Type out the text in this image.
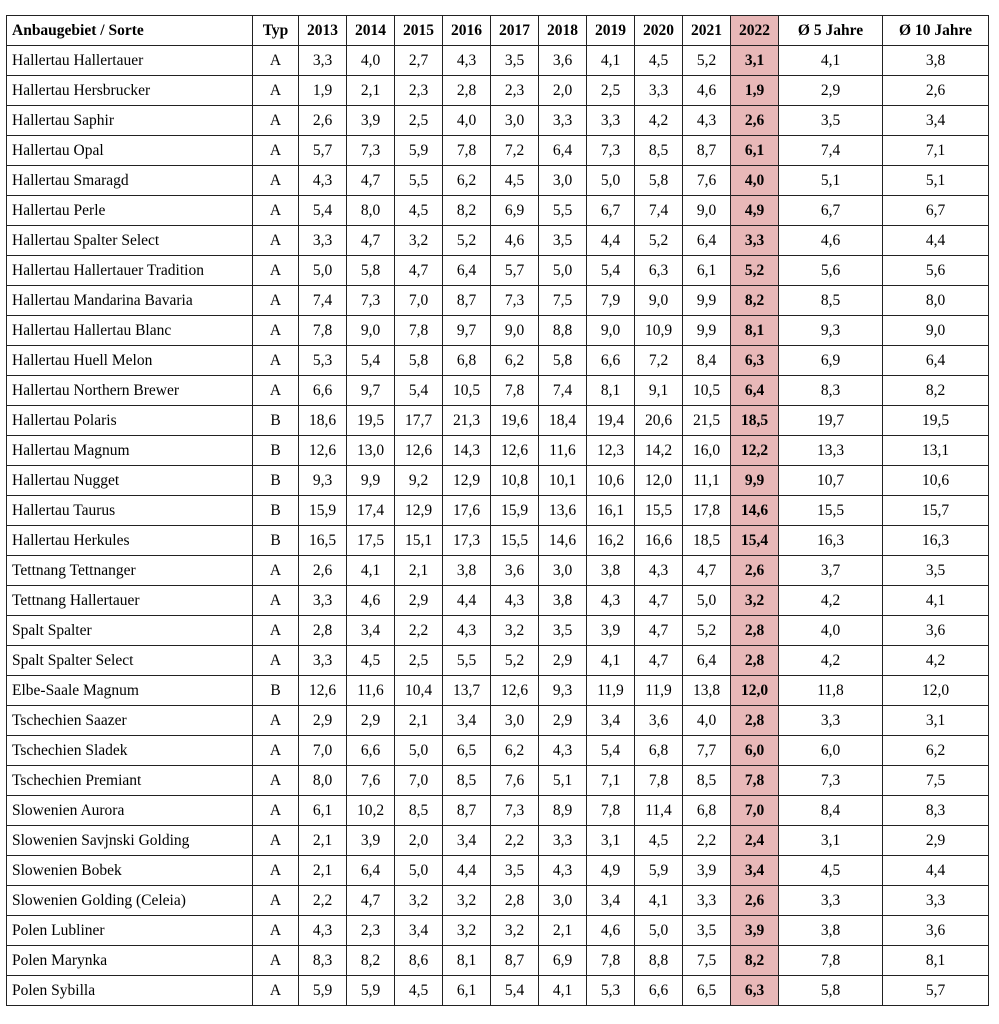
Anbaugebiet / Sorte	Typ	2013	2014	2015	2016	2017	2018	2019	2020	2021	2022	Ø 5 Jahre	Ø 10 Jahre
Hallertau Hallertauer	A	3,3	4,0	2,7	4,3	3,5	3,6	4,1	4,5	5,2	3,1	4,1	3,8
Hallertau Hersbrucker	A	1,9	2,1	2,3	2,8	2,3	2,0	2,5	3,3	4,6	1,9	2,9	2,6
Hallertau Saphir	A	2,6	3,9	2,5	4,0	3,0	3,3	3,3	4,2	4,3	2,6	3,5	3,4
Hallertau Opal	A	5,7	7,3	5,9	7,8	7,2	6,4	7,3	8,5	8,7	6,1	7,4	7,1
Hallertau Smaragd	A	4,3	4,7	5,5	6,2	4,5	3,0	5,0	5,8	7,6	4,0	5,1	5,1
Hallertau Perle	A	5,4	8,0	4,5	8,2	6,9	5,5	6,7	7,4	9,0	4,9	6,7	6,7
Hallertau Spalter Select	A	3,3	4,7	3,2	5,2	4,6	3,5	4,4	5,2	6,4	3,3	4,6	4,4
Hallertau Hallertauer Tradition	A	5,0	5,8	4,7	6,4	5,7	5,0	5,4	6,3	6,1	5,2	5,6	5,6
Hallertau Mandarina Bavaria	A	7,4	7,3	7,0	8,7	7,3	7,5	7,9	9,0	9,9	8,2	8,5	8,0
Hallertau Hallertau Blanc	A	7,8	9,0	7,8	9,7	9,0	8,8	9,0	10,9	9,9	8,1	9,3	9,0
Hallertau Huell Melon	A	5,3	5,4	5,8	6,8	6,2	5,8	6,6	7,2	8,4	6,3	6,9	6,4
Hallertau Northern Brewer	A	6,6	9,7	5,4	10,5	7,8	7,4	8,1	9,1	10,5	6,4	8,3	8,2
Hallertau Polaris	B	18,6	19,5	17,7	21,3	19,6	18,4	19,4	20,6	21,5	18,5	19,7	19,5
Hallertau Magnum	B	12,6	13,0	12,6	14,3	12,6	11,6	12,3	14,2	16,0	12,2	13,3	13,1
Hallertau Nugget	B	9,3	9,9	9,2	12,9	10,8	10,1	10,6	12,0	11,1	9,9	10,7	10,6
Hallertau Taurus	B	15,9	17,4	12,9	17,6	15,9	13,6	16,1	15,5	17,8	14,6	15,5	15,7
Hallertau Herkules	B	16,5	17,5	15,1	17,3	15,5	14,6	16,2	16,6	18,5	15,4	16,3	16,3
Tettnang Tettnanger	A	2,6	4,1	2,1	3,8	3,6	3,0	3,8	4,3	4,7	2,6	3,7	3,5
Tettnang Hallertauer	A	3,3	4,6	2,9	4,4	4,3	3,8	4,3	4,7	5,0	3,2	4,2	4,1
Spalt Spalter	A	2,8	3,4	2,2	4,3	3,2	3,5	3,9	4,7	5,2	2,8	4,0	3,6
Spalt Spalter Select	A	3,3	4,5	2,5	5,5	5,2	2,9	4,1	4,7	6,4	2,8	4,2	4,2
Elbe-Saale Magnum	B	12,6	11,6	10,4	13,7	12,6	9,3	11,9	11,9	13,8	12,0	11,8	12,0
Tschechien Saazer	A	2,9	2,9	2,1	3,4	3,0	2,9	3,4	3,6	4,0	2,8	3,3	3,1
Tschechien Sladek	A	7,0	6,6	5,0	6,5	6,2	4,3	5,4	6,8	7,7	6,0	6,0	6,2
Tschechien Premiant	A	8,0	7,6	7,0	8,5	7,6	5,1	7,1	7,8	8,5	7,8	7,3	7,5
Slowenien Aurora	A	6,1	10,2	8,5	8,7	7,3	8,9	7,8	11,4	6,8	7,0	8,4	8,3
Slowenien Savjnski Golding	A	2,1	3,9	2,0	3,4	2,2	3,3	3,1	4,5	2,2	2,4	3,1	2,9
Slowenien Bobek	A	2,1	6,4	5,0	4,4	3,5	4,3	4,9	5,9	3,9	3,4	4,5	4,4
Slowenien Golding (Celeia)	A	2,2	4,7	3,2	3,2	2,8	3,0	3,4	4,1	3,3	2,6	3,3	3,3
Polen Lubliner	A	4,3	2,3	3,4	3,2	3,2	2,1	4,6	5,0	3,5	3,9	3,8	3,6
Polen Marynka	A	8,3	8,2	8,6	8,1	8,7	6,9	7,8	8,8	7,5	8,2	7,8	8,1
Polen Sybilla	A	5,9	5,9	4,5	6,1	5,4	4,1	5,3	6,6	6,5	6,3	5,8	5,7
